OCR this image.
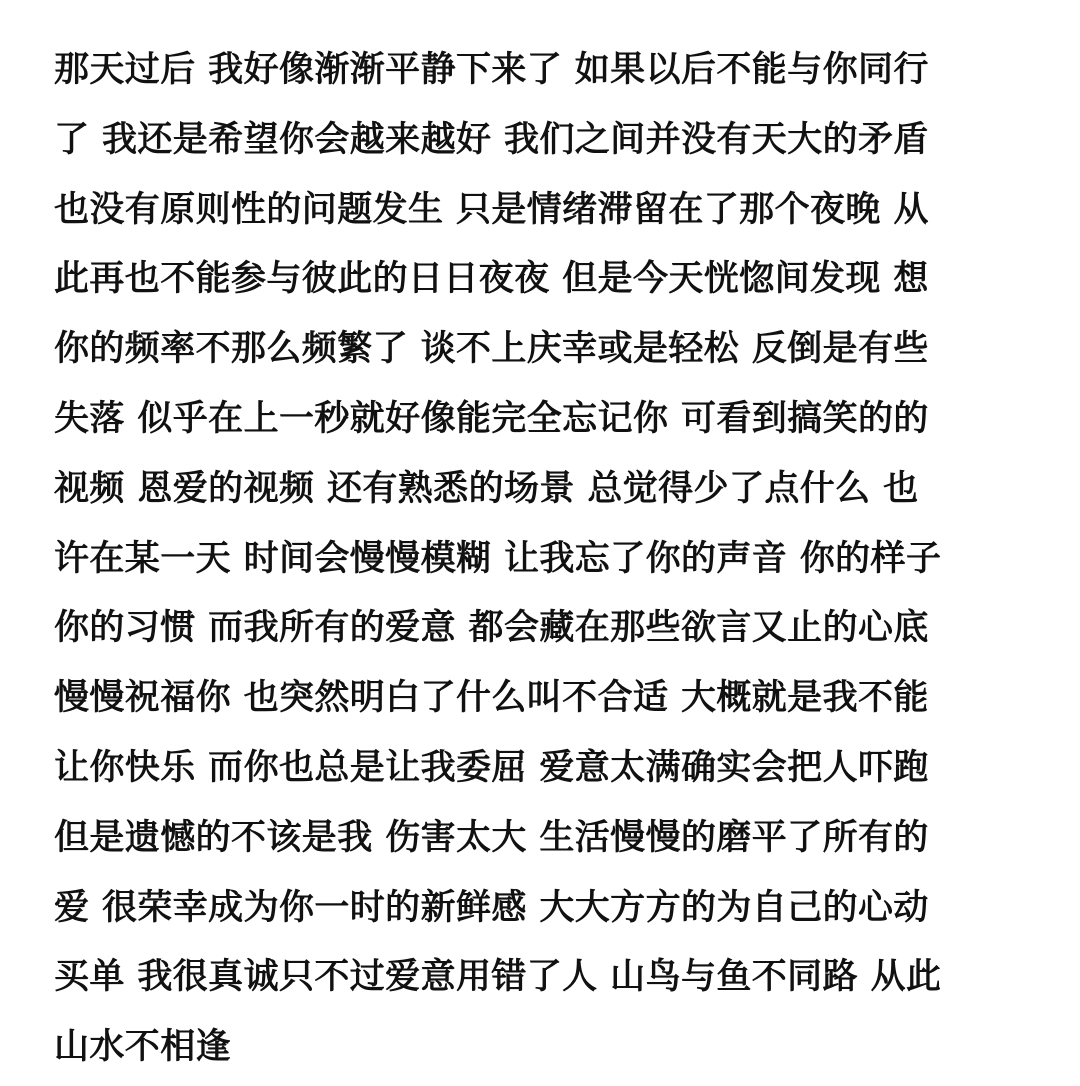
那天过后 我好像渐渐平静下来了 如果以后不能与你同行
了 我还是希望你会越来越好 我们之间并没有天大的矛盾
也没有原则性的问题发生 只是情绪滞留在了那个夜晚 从
此再也不能参与彼此的日日夜夜 但是今天恍惚间发现 想
你的频率不那么频繁了 谈不上庆幸或是轻松 反倒是有些
失落 似乎在上一秒就好像能完全忘记你 可看到搞笑的的
视频 恩爱的视频 还有熟悉的场景 总觉得少了点什么 也
许在某一天 时间会慢慢模糊 让我忘了你的声音 你的样子
你的习惯 而我所有的爱意 都会藏在那些欲言又止的心底
慢慢祝福你 也突然明白了什么叫不合适 大概就是我不能
让你快乐 而你也总是让我委屈 爱意太满确实会把人吓跑
但是遗憾的不该是我 伤害太大 生活慢慢的磨平了所有的
爱 很荣幸成为你一时的新鲜感 大大方方的为自己的心动
买单 我很真诚只不过爱意用错了人 山鸟与鱼不同路 从此
山水不相逢
